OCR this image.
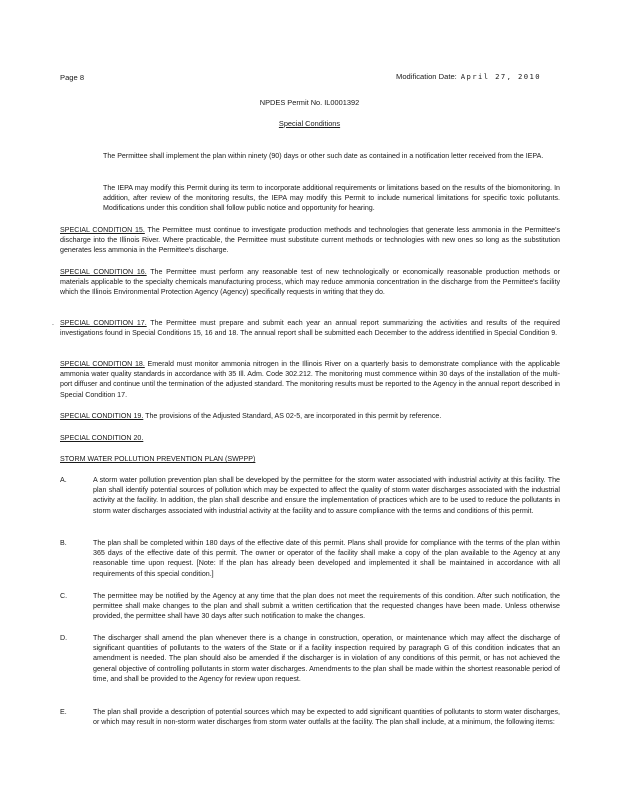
Page 8	Modification Date: April 27, 2010
NPDES Permit No. IL0001392
Special Conditions
The Permittee shall implement the plan within ninety (90) days or other such date as contained in a notification letter received from the IEPA.
The IEPA may modify this Permit during its term to incorporate additional requirements or limitations based on the results of the biomonitoring. In addition, after review of the monitoring results, the IEPA may modify this Permit to include numerical limitations for specific toxic pollutants. Modifications under this condition shall follow public notice and opportunity for hearing.
SPECIAL CONDITION 15. The Permittee must continue to investigate production methods and technologies that generate less ammonia in the Permittee's discharge into the Illinois River. Where practicable, the Permittee must substitute current methods or technologies with new ones so long as the substitution generates less ammonia in the Permittee's discharge.
SPECIAL CONDITION 16. The Permittee must perform any reasonable test of new technologically or economically reasonable production methods or materials applicable to the specialty chemicals manufacturing process, which may reduce ammonia concentration in the discharge from the Permittee's facility which the Illinois Environmental Protection Agency (Agency) specifically requests in writing that they do.
. SPECIAL CONDITION 17. The Permittee must prepare and submit each year an annual report summarizing the activities and results of the required investigations found in Special Conditions 15, 16 and 18. The annual report shall be submitted each December to the address identified in Special Condition 9.
SPECIAL CONDITION 18. Emerald must monitor ammonia nitrogen in the Illinois River on a quarterly basis to demonstrate compliance with the applicable ammonia water quality standards in accordance with 35 Ill. Adm. Code 302.212. The monitoring must commence within 30 days of the installation of the multi-port diffuser and continue until the termination of the adjusted standard. The monitoring results must be reported to the Agency in the annual report described in Special Condition 17.
SPECIAL CONDITION 19. The provisions of the Adjusted Standard, AS 02-5, are incorporated in this permit by reference.
SPECIAL CONDITION 20.
STORM WATER POLLUTION PREVENTION PLAN (SWPPP)
A.	A storm water pollution prevention plan shall be developed by the permittee for the storm water associated with industrial activity at this facility. The plan shall identify potential sources of pollution which may be expected to affect the quality of storm water discharges associated with the industrial activity at the facility. In addition, the plan shall describe and ensure the implementation of practices which are to be used to reduce the pollutants in storm water discharges associated with industrial activity at the facility and to assure compliance with the terms and conditions of this permit.
B.	The plan shall be completed within 180 days of the effective date of this permit. Plans shall provide for compliance with the terms of the plan within 365 days of the effective date of this permit. The owner or operator of the facility shall make a copy of the plan available to the Agency at any reasonable time upon request. [Note: If the plan has already been developed and implemented it shall be maintained in accordance with all requirements of this special condition.]
C.	The permittee may be notified by the Agency at any time that the plan does not meet the requirements of this condition. After such notification, the permittee shall make changes to the plan and shall submit a written certification that the requested changes have been made. Unless otherwise provided, the permittee shall have 30 days after such notification to make the changes.
D.	The discharger shall amend the plan whenever there is a change in construction, operation, or maintenance which may affect the discharge of significant quantities of pollutants to the waters of the State or if a facility inspection required by paragraph G of this condition indicates that an amendment is needed. The plan should also be amended if the discharger is in violation of any conditions of this permit, or has not achieved the general objective of controlling pollutants in storm water discharges. Amendments to the plan shall be made within the shortest reasonable period of time, and shall be provided to the Agency for review upon request.
E.	The plan shall provide a description of potential sources which may be expected to add significant quantities of pollutants to storm water discharges, or which may result in non-storm water discharges from storm water outfalls at the facility. The plan shall include, at a minimum, the following items:
